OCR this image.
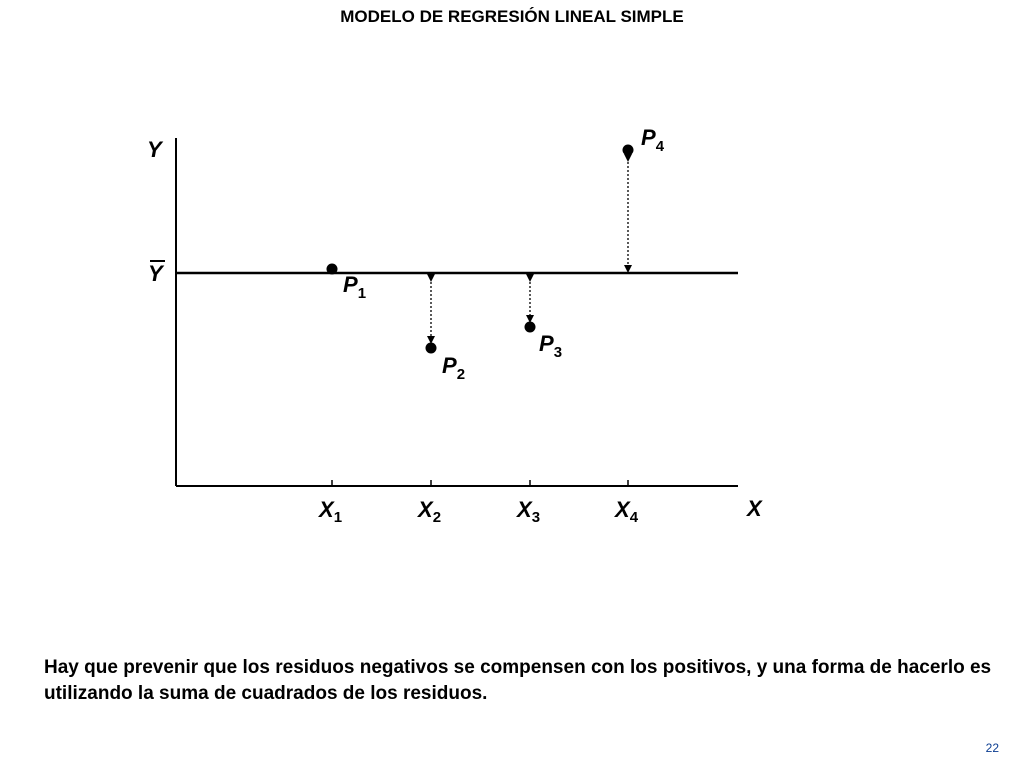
MODELO DE REGRESIÓN LINEAL SIMPLE
Y
X
Y	$P_1$
$P_2$
$P_3$
$P_4$
$X_1$	$X_2$	$X_3$	$X_4$
Hay que prevenir que los residuos negativos se compensen con los positivos, y una forma de hacerlo es utilizando la suma de cuadrados de los residuos.
22
